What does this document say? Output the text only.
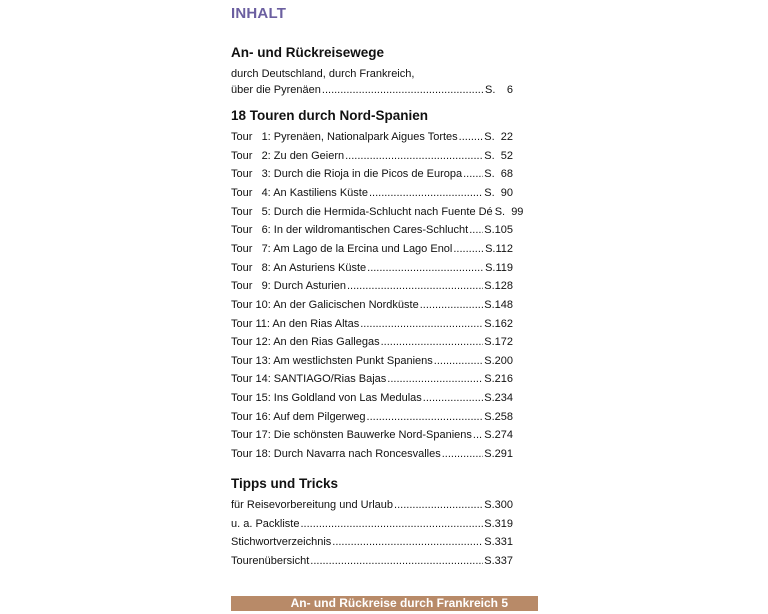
INHALT
An- und Rückreisewege
durch Deutschland, durch Frankreich,
über die Pyrenäen .....	S. 6
18 Touren durch Nord-Spanien
Tour   1: Pyrenäen, Nationalpark Aigues Tortes ..... S.  22
Tour   2: Zu den Geiern .....	S.  52
Tour   3: Durch die Rioja in die Picos de Europa ..... S.  68
Tour   4: An Kastiliens Küste .....	S.  90
Tour   5: Durch die Hermida-Schlucht nach Fuente Dé S.  99
Tour   6: In der wildromantischen Cares-Schlucht ..... S.105
Tour   7: Am Lago de la Ercina und Lago Enol .....	S.112
Tour   8: An Asturiens Küste .....	S.119
Tour   9: Durch Asturien .....	S.128
Tour 10: An der Galicischen Nordküste .....	S.148
Tour 11: An den Rias Altas .....	S.162
Tour 12: An den Rias Gallegas .....	S.172
Tour 13: Am westlichsten Punkt Spaniens .....	S.200
Tour 14: SANTIAGO/Rias Bajas .....	S.216
Tour 15: Ins Goldland von Las Medulas .....	S.234
Tour 16: Auf dem Pilgerweg .....	S.258
Tour 17: Die schönsten Bauwerke Nord-Spaniens ..... S.274
Tour 18: Durch Navarra nach Roncesvalles .....	S.291
Tipps und Tricks
für Reisevorbereitung und Urlaub .....	S.300
u. a. Packliste .....	S.319
Stichwortverzeichnis .....	S.331
Tourenübersicht .....	S.337
An- und Rückreise durch Frankreich 5
